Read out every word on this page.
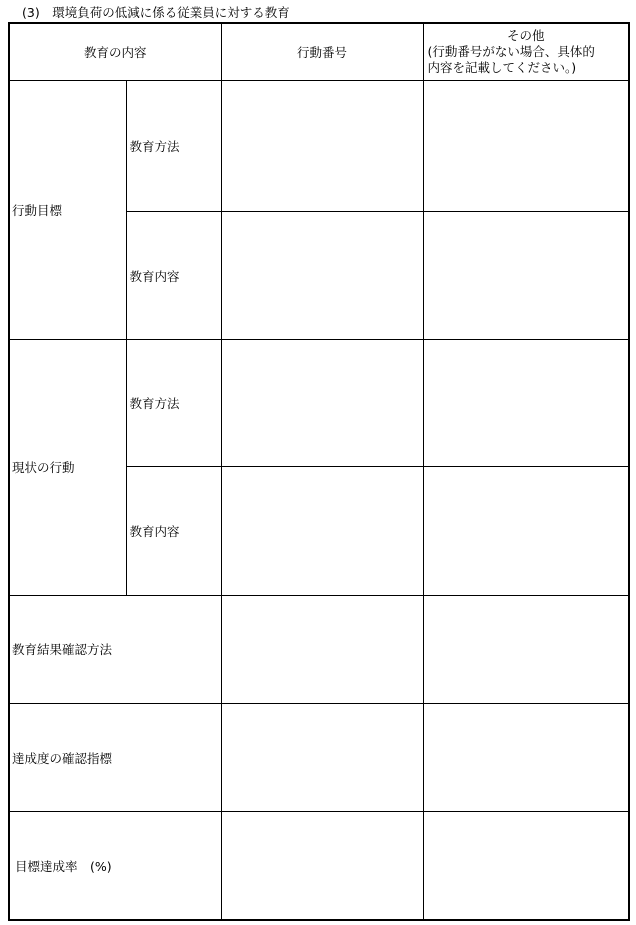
(3)　環境負荷の低減に係る従業員に対する教育
教育の内容		行動番号	その他
(行動番号がない場合、具体的
内容を記載してください。)

行動目標	教育方法		
	教育内容		
現状の行動	教育方法		
	教育内容		
教育結果確認方法			
達成度の確認指標			
目標達成率　(%)			
